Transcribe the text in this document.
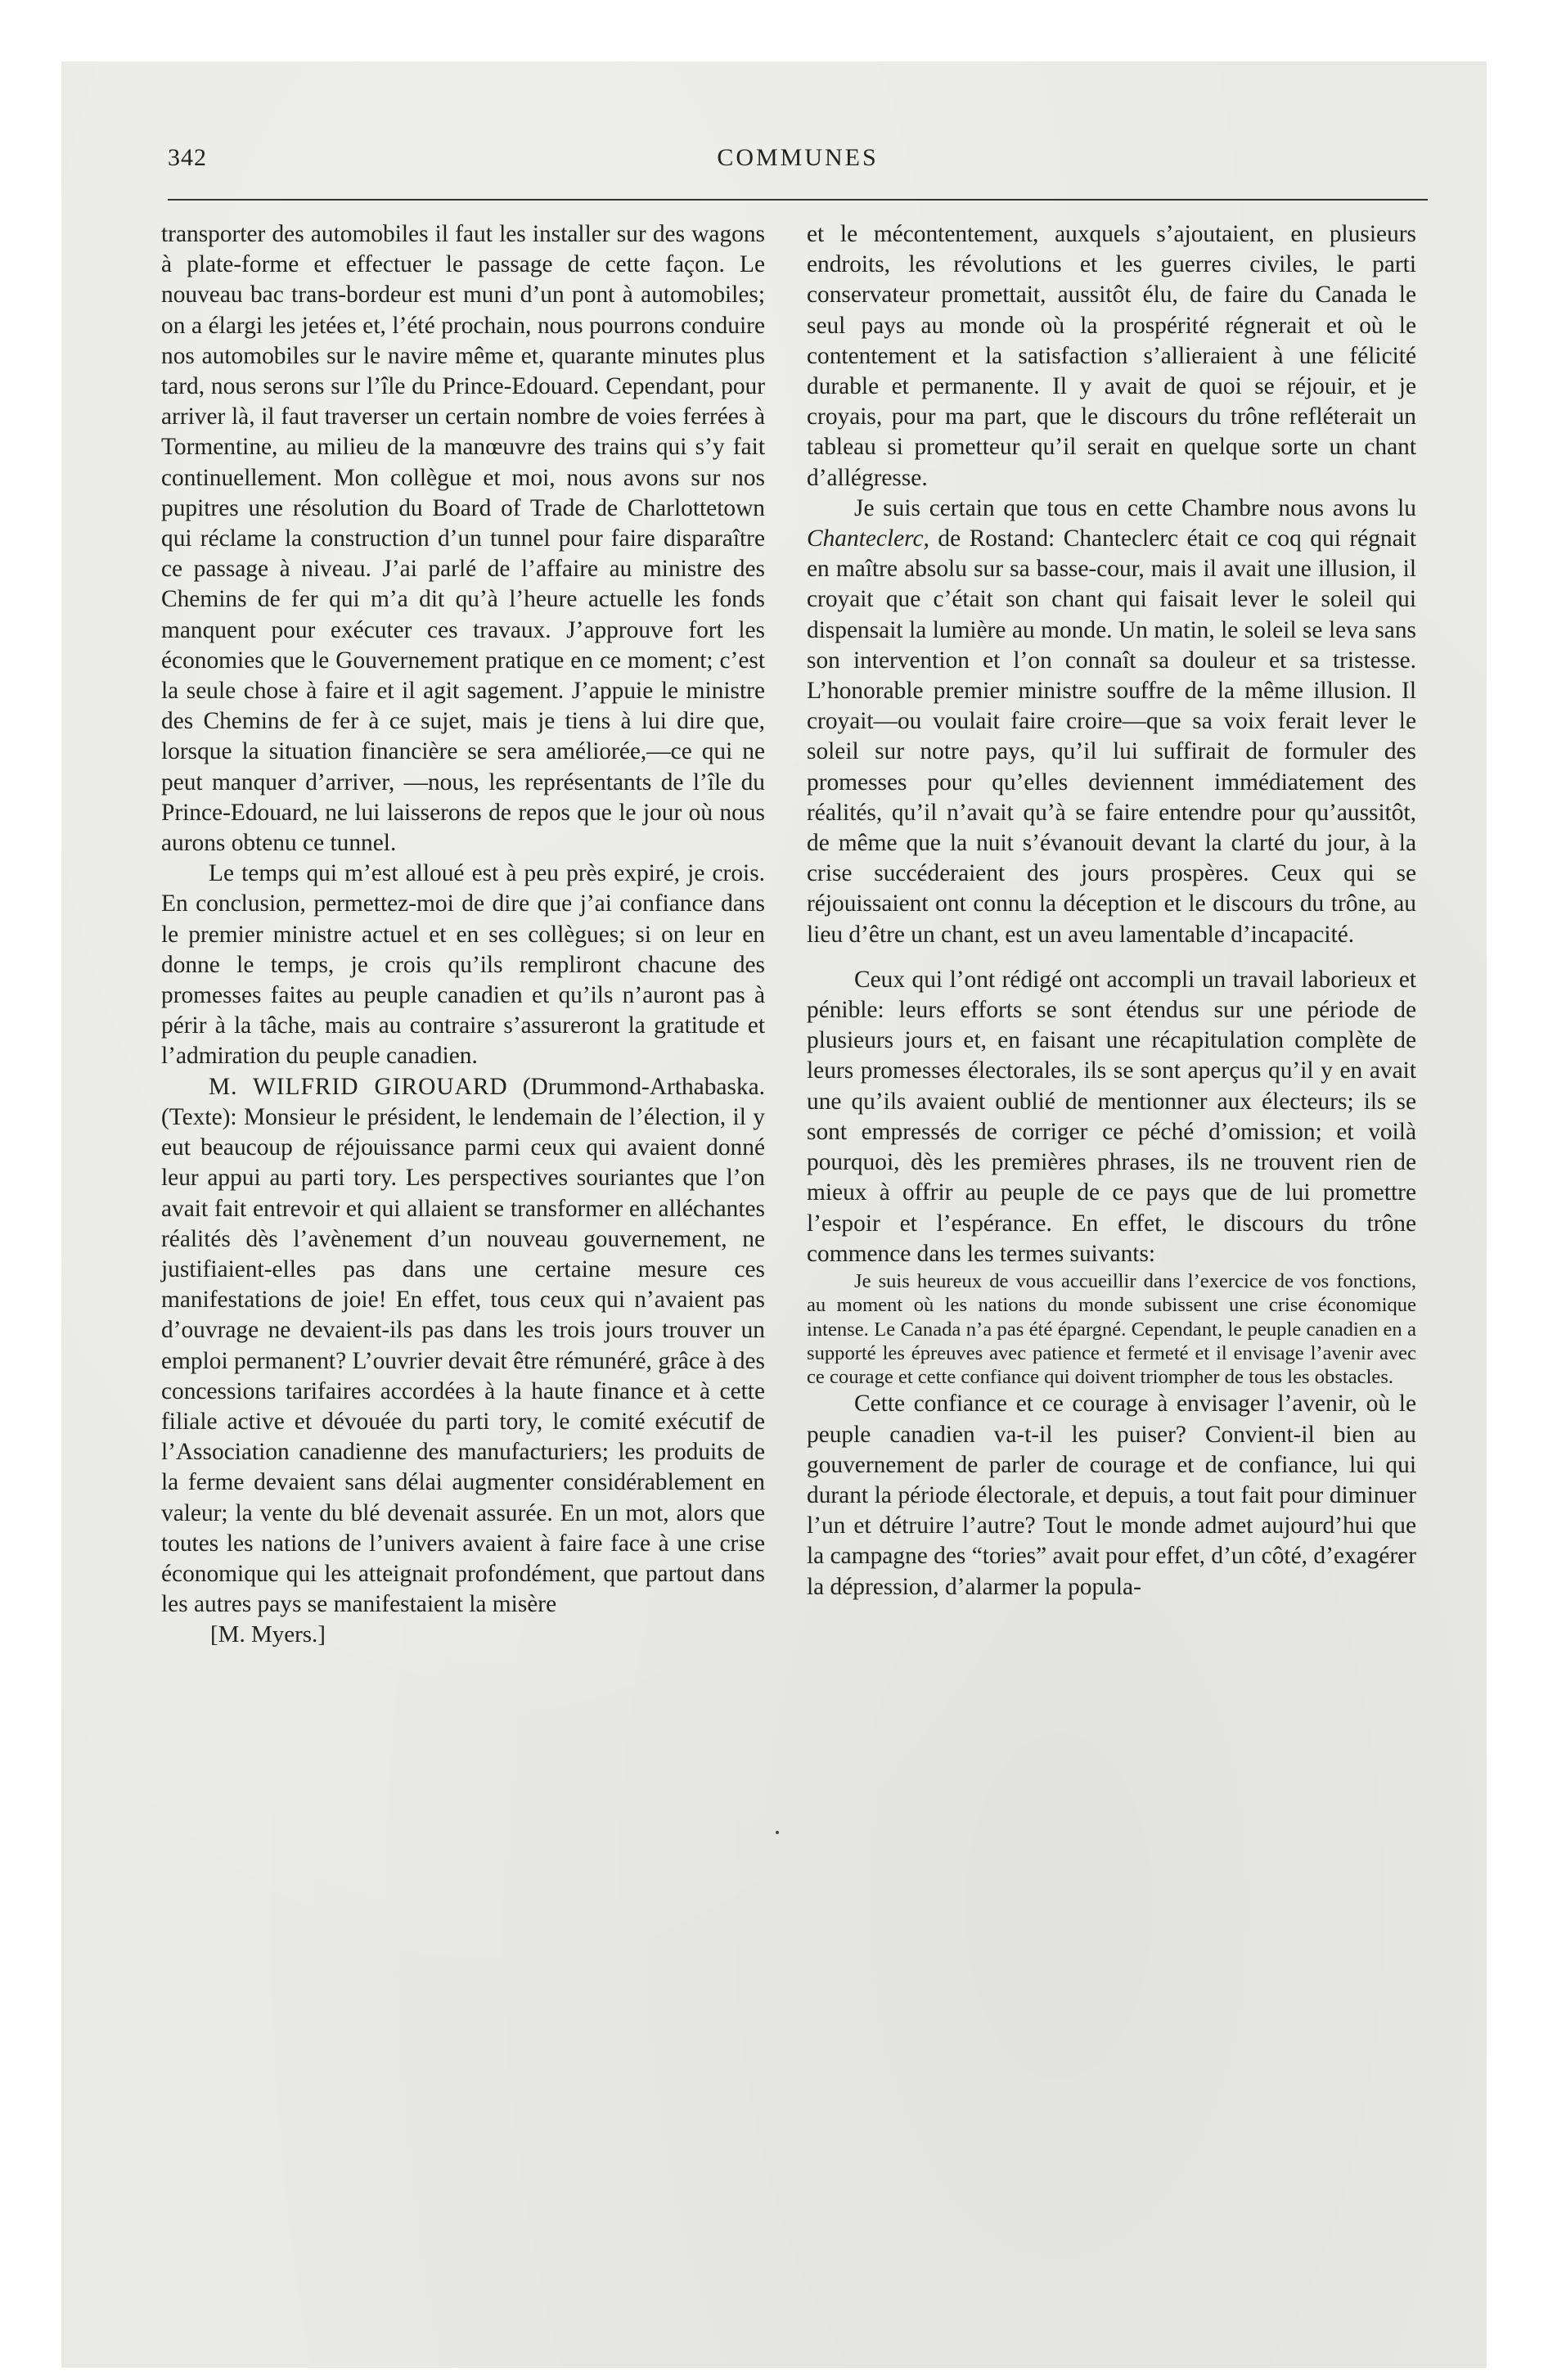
342	COMMUNES

transporter des automobiles il faut les installer sur des wagons à plate-forme et effectuer le passage de cette façon. Le nouveau bac trans-bordeur est muni d’un pont à automobiles; on a élargi les jetées et, l’été prochain, nous pourrons conduire nos automobiles sur le navire même et, quarante minutes plus tard, nous serons sur l’île du Prince-Edouard. Cependant, pour arriver là, il faut traverser un certain nombre de voies ferrées à Tormentine, au milieu de la manœuvre des trains qui s’y fait continuellement. Mon collègue et moi, nous avons sur nos pupitres une résolution du Board of Trade de Charlottetown qui réclame la construction d’un tunnel pour faire disparaître ce passage à niveau. J’ai parlé de l’affaire au ministre des Chemins de fer qui m’a dit qu’à l’heure actuelle les fonds manquent pour exécuter ces travaux. J’approuve fort les économies que le Gouvernement pratique en ce moment; c’est la seule chose à faire et il agit sagement. J’appuie le ministre des Chemins de fer à ce sujet, mais je tiens à lui dire que, lorsque la situation financière se sera améliorée,—ce qui ne peut manquer d’arriver, —nous, les représentants de l’île du Prince-Edouard, ne lui laisserons de repos que le jour où nous aurons obtenu ce tunnel.

Le temps qui m’est alloué est à peu près expiré, je crois. En conclusion, permettez-moi de dire que j’ai confiance dans le premier ministre actuel et en ses collègues; si on leur en donne le temps, je crois qu’ils rempliront chacune des promesses faites au peuple canadien et qu’ils n’auront pas à périr à la tâche, mais au contraire s’assureront la gratitude et l’admiration du peuple canadien.

M. WILFRID GIROUARD (Drummond-Arthabaska. (Texte): Monsieur le président, le lendemain de l’élection, il y eut beaucoup de réjouissance parmi ceux qui avaient donné leur appui au parti tory. Les perspectives souriantes que l’on avait fait entrevoir et qui allaient se transformer en alléchantes réalités dès l’avènement d’un nouveau gouvernement, ne justifiaient-elles pas dans une certaine mesure ces manifestations de joie! En effet, tous ceux qui n’avaient pas d’ouvrage ne devaient-ils pas dans les trois jours trouver un emploi permanent? L’ouvrier devait être rémunéré, grâce à des concessions tarifaires accordées à la haute finance et à cette filiale active et dévouée du parti tory, le comité exécutif de l’Association canadienne des manufacturiers; les produits de la ferme devaient sans délai augmenter considérablement en valeur; la vente du blé devenait assurée. En un mot, alors que toutes les nations de l’univers avaient à faire face à une crise économique qui les atteignait profondément, que partout dans les autres pays se manifestaient la misère

[M. Myers.]

et le mécontentement, auxquels s’ajoutaient, en plusieurs endroits, les révolutions et les guerres civiles, le parti conservateur promettait, aussitôt élu, de faire du Canada le seul pays au monde où la prospérité régnerait et où le contentement et la satisfaction s’allieraient à une félicité durable et permanente. Il y avait de quoi se réjouir, et je croyais, pour ma part, que le discours du trône refléterait un tableau si prometteur qu’il serait en quelque sorte un chant d’allégresse.

Je suis certain que tous en cette Chambre nous avons lu Chanteclerc, de Rostand: Chanteclerc était ce coq qui régnait en maître absolu sur sa basse-cour, mais il avait une illusion, il croyait que c’était son chant qui faisait lever le soleil qui dispensait la lumière au monde. Un matin, le soleil se leva sans son intervention et l’on connaît sa douleur et sa tristesse. L’honorable premier ministre souffre de la même illusion. Il croyait—ou voulait faire croire—que sa voix ferait lever le soleil sur notre pays, qu’il lui suffirait de formuler des promesses pour qu’elles deviennent immédiatement des réalités, qu’il n’avait qu’à se faire entendre pour qu’aussitôt, de même que la nuit s’évanouit devant la clarté du jour, à la crise succéderaient des jours prospères. Ceux qui se réjouissaient ont connu la déception et le discours du trône, au lieu d’être un chant, est un aveu lamentable d’incapacité.

Ceux qui l’ont rédigé ont accompli un travail laborieux et pénible: leurs efforts se sont étendus sur une période de plusieurs jours et, en faisant une récapitulation complète de leurs promesses électorales, ils se sont aperçus qu’il y en avait une qu’ils avaient oublié de mentionner aux électeurs; ils se sont empressés de corriger ce péché d’omission; et voilà pourquoi, dès les premières phrases, ils ne trouvent rien de mieux à offrir au peuple de ce pays que de lui promettre l’espoir et l’espérance. En effet, le discours du trône commence dans les termes suivants:

Je suis heureux de vous accueillir dans l’exercice de vos fonctions, au moment où les nations du monde subissent une crise économique intense. Le Canada n’a pas été épargné. Cependant, le peuple canadien en a supporté les épreuves avec patience et fermeté et il envisage l’avenir avec ce courage et cette confiance qui doivent triompher de tous les obstacles.

Cette confiance et ce courage à envisager l’avenir, où le peuple canadien va-t-il les puiser? Convient-il bien au gouvernement de parler de courage et de confiance, lui qui durant la période électorale, et depuis, a tout fait pour diminuer l’un et détruire l’autre? Tout le monde admet aujourd’hui que la campagne des “tories” avait pour effet, d’un côté, d’exagérer la dépression, d’alarmer la popula-
